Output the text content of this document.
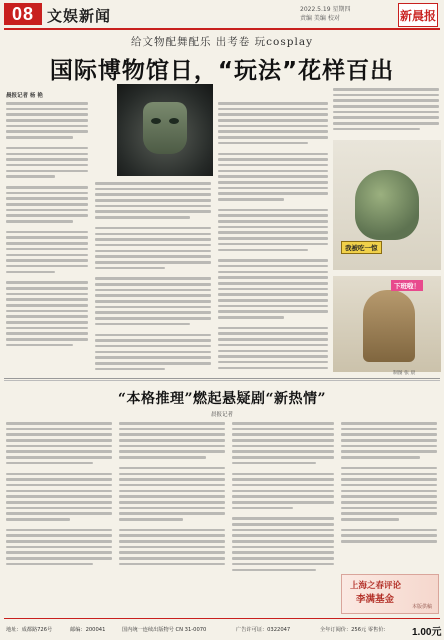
08 文娱新闻	2022.5.19 星期四
责编 美编 校对	新晨报
给文物配舞配乐 出考卷 玩cosplay
国际博物馆日，“玩法”花样百出
晨报记者 杨 艳
我被吃一惊
下班啦！
制图 张 晨
“本格推理”燃起悬疑剧“新热情”
晨报记者
上海之春评论
李满基金
本版供稿
地址：成都路726号	邮编：200041	国内统一连续出版物号 CN 31-0070	广告许可证：0322047	全年订阅价：256元 零售价： 1.00元
